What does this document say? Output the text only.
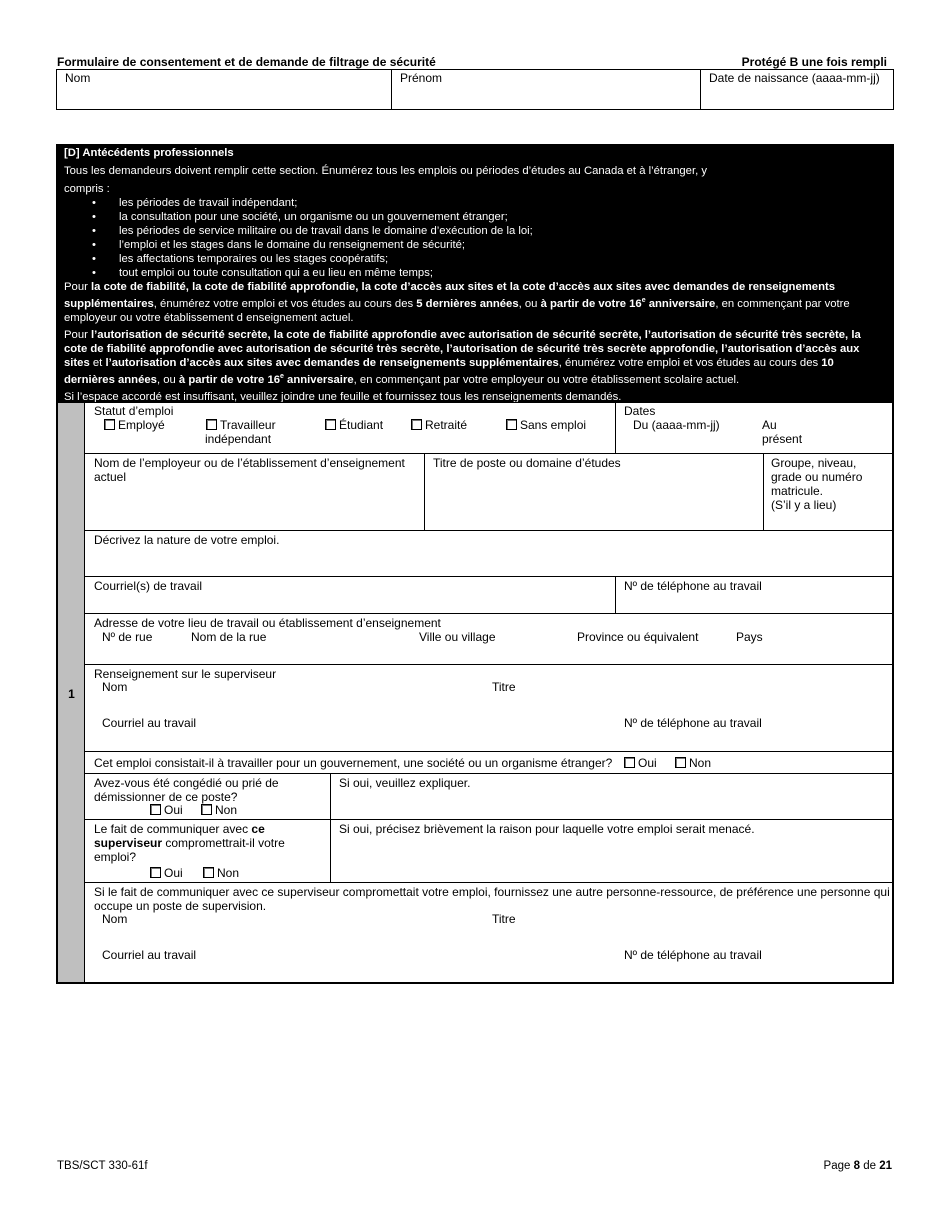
Formulaire de consentement et de demande de filtrage de sécurité	Protégé B une fois rempli
Nom	Prénom	Date de naissance (aaaa-mm-jj)

[D] Antécédents professionnels

Tous les demandeurs doivent remplir cette section. Énumérez tous les emplois ou périodes d’études au Canada et à l’étranger, y

compris :

• les périodes de travail indépendant;
• la consultation pour une société, un organisme ou un gouvernement étranger;
• les périodes de service militaire ou de travail dans le domaine d’exécution de la loi;
• l’emploi et les stages dans le domaine du renseignement de sécurité;
• les affectations temporaires ou les stages coopératifs;
• tout emploi ou toute consultation qui a eu lieu en même temps;

Pour la cote de fiabilité, la cote de fiabilité approfondie, la cote d’accès aux sites et la cote d’accès aux sites avec demandes de renseignements supplémentaires, énumérez votre emploi et vos études au cours des 5 dernières années, ou à partir de votre 16e anniversaire, en commençant par votre employeur ou votre établissement d enseignement actuel.

Pour l’autorisation de sécurité secrète, la cote de fiabilité approfondie avec autorisation de sécurité secrète, l’autorisation de sécurité très secrète, la cote de fiabilité approfondie avec autorisation de sécurité très secrète, l’autorisation de sécurité très secrète approfondie, l’autorisation d’accès aux sites et l’autorisation d’accès aux sites avec demandes de renseignements supplémentaires, énumérez votre emploi et vos études au cours des 10 dernières années, ou à partir de votre 16e anniversaire, en commençant par votre employeur ou votre établissement scolaire actuel.

Si l’espace accordé est insuffisant, veuillez joindre une feuille et fournissez tous les renseignements demandés.

1
Statut d’emploi
Employé	Travailleur
indépendant
Étudiant	Retraité	Sans emploi
Dates
Du (aaaa-mm-jj)	Au
présent
Nom de l’employeur ou de l’établissement d’enseignement
actuel
Titre de poste ou domaine d’études	Groupe, niveau,
grade ou numéro
matricule.
(S’il y a lieu)
Décrivez la nature de votre emploi.
Courriel(s) de travail	Nº de téléphone au travail
Adresse de votre lieu de travail ou établissement d’enseignement
Nº de rue	Nom de la rue	Ville ou village	Province ou équivalent	Pays
Renseignement sur le superviseur
Nom	Titre
Courriel au travail	Nº de téléphone au travail
Cet emploi consistait-il à travailler pour un gouvernement, une société ou un organisme étranger?	Oui	Non
Avez-vous été congédié ou prié de
démissionner de ce poste?
Oui	Non
Si oui, veuillez expliquer.
Le fait de communiquer avec ce
superviseur compromettrait-il votre
emploi?
Oui	Non
Si oui, précisez brièvement la raison pour laquelle votre emploi serait menacé.
Si le fait de communiquer avec ce superviseur compromettait votre emploi, fournissez une autre personne-ressource, de préférence une personne qui
occupe un poste de supervision.
Nom	Titre
Courriel au travail	Nº de téléphone au travail
TBS/SCT 330-61f	Page 8 de 21
